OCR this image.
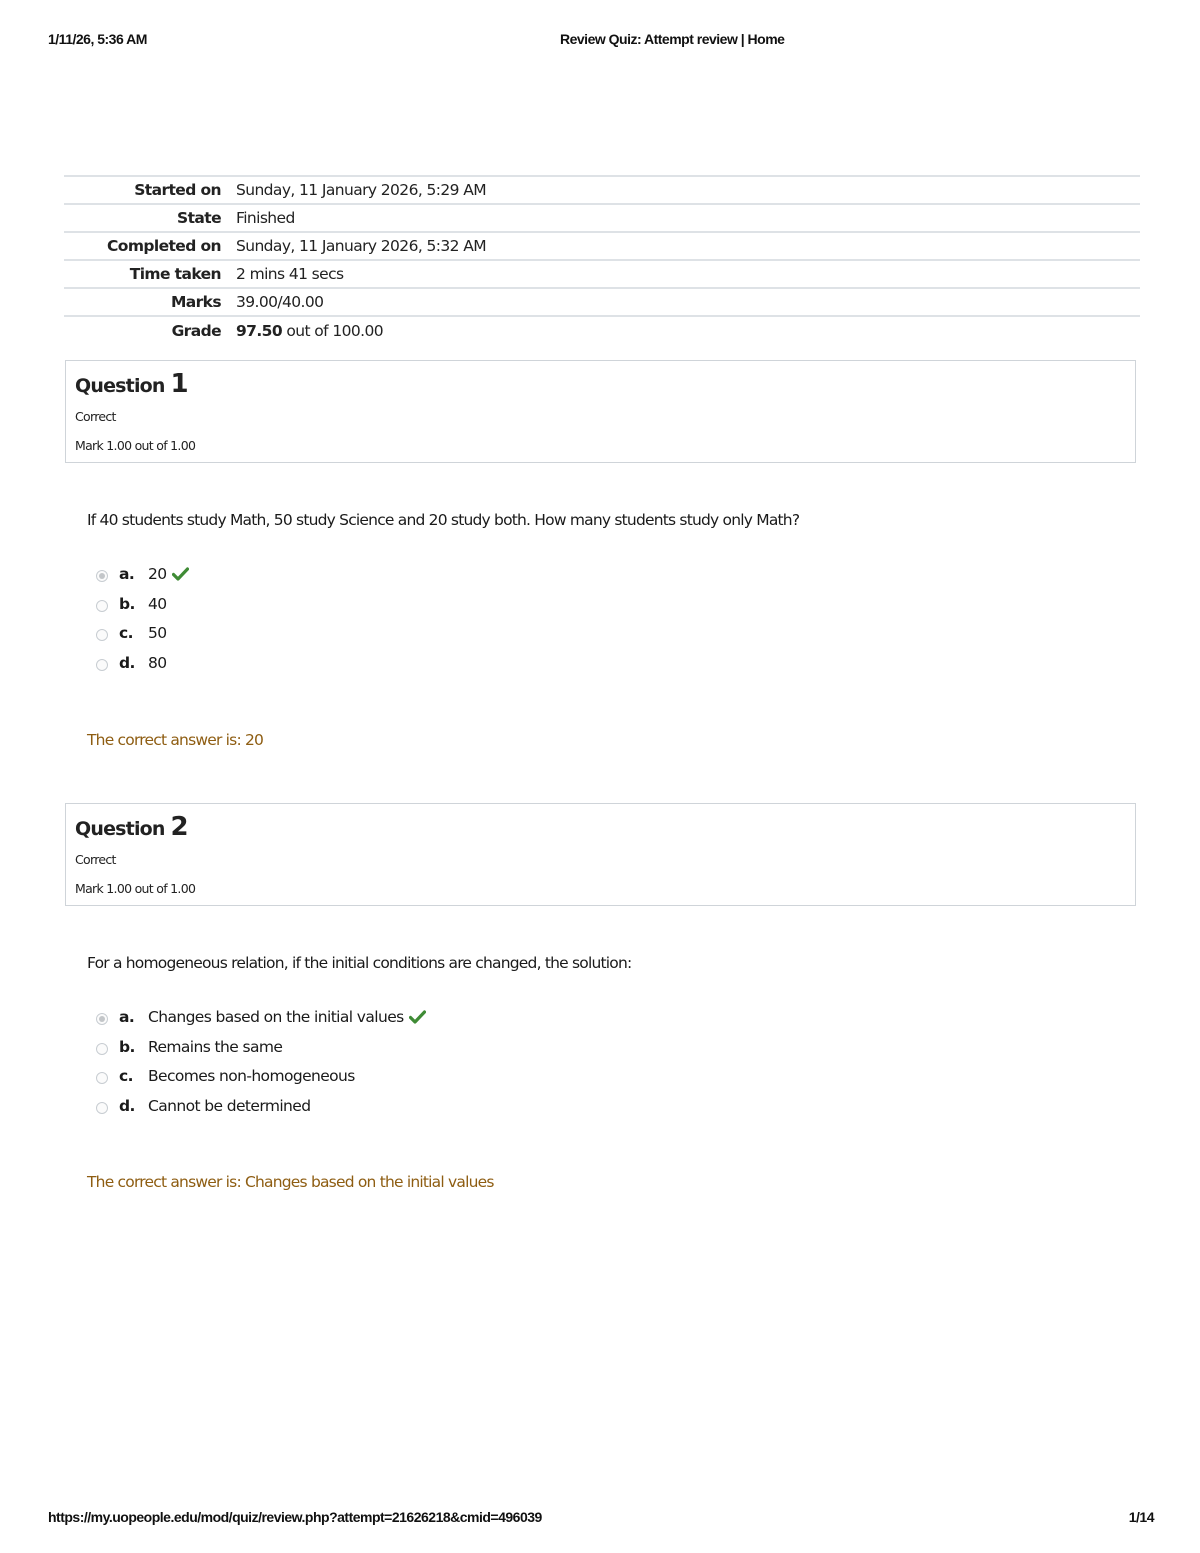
1/11/26, 5:36 AM	Review Quiz: Attempt review | Home
Started on	Sunday, 11 January 2026, 5:29 AM
State	Finished
Completed on	Sunday, 11 January 2026, 5:32 AM
Time taken	2 mins 41 secs
Marks	39.00/40.00
Grade	97.50 out of 100.00
Question 1
Correct
Mark 1.00 out of 1.00
If 40 students study Math, 50 study Science and 20 study both. How many students study only Math?
a. 20
b. 40
c. 50
d. 80
The correct answer is: 20
Question 2
Correct
Mark 1.00 out of 1.00
For a homogeneous relation, if the initial conditions are changed, the solution:
a. Changes based on the initial values
b. Remains the same
c. Becomes non-homogeneous
d. Cannot be determined
The correct answer is: Changes based on the initial values
https://my.uopeople.edu/mod/quiz/review.php?attempt=21626218&cmid=496039	1/14
